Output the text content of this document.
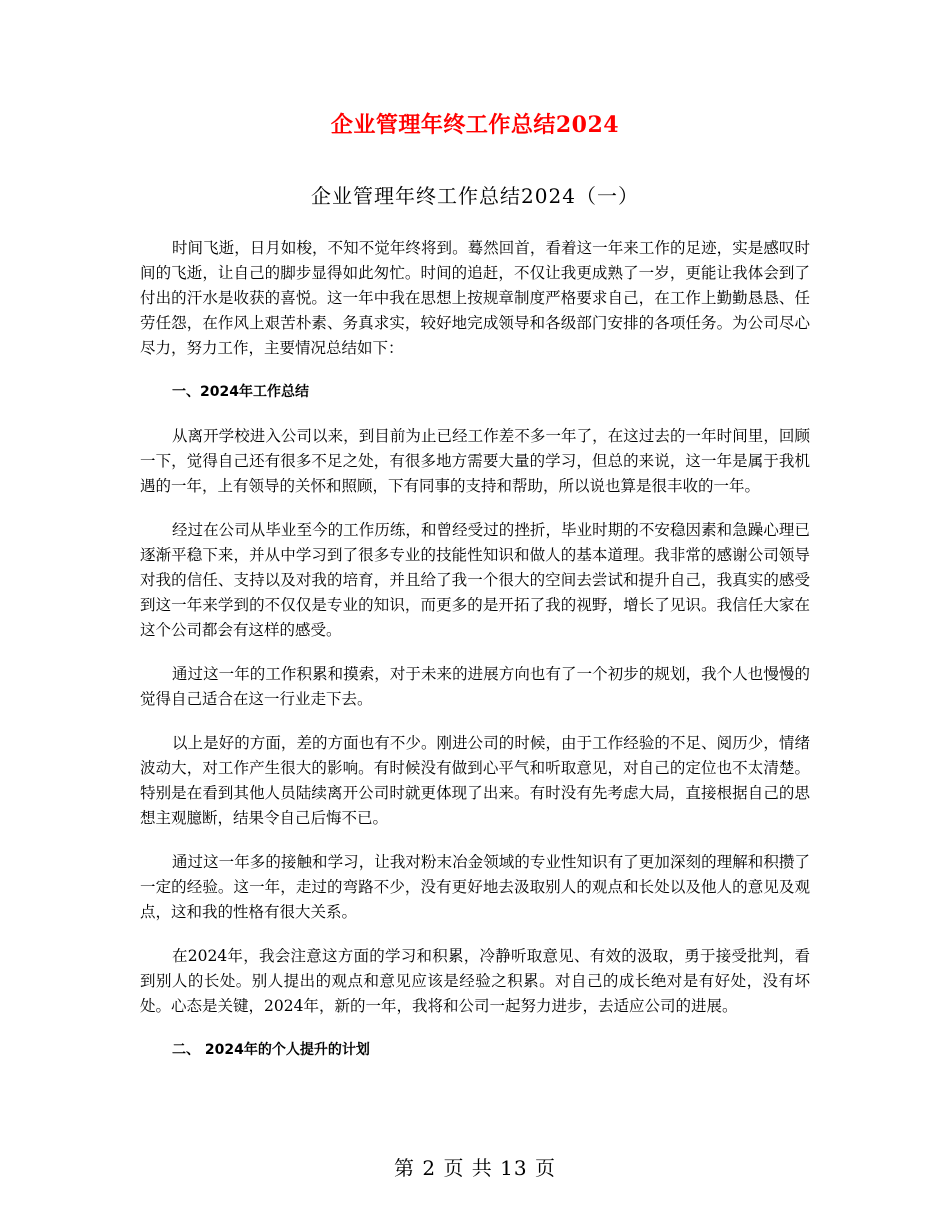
企业管理年终工作总结2024
企业管理年终工作总结2024（一）

时间飞逝，日月如梭，不知不觉年终将到。蓦然回首，看着这一年来工作的足迹，实是感叹时间的飞逝，让自己的脚步显得如此匆忙。时间的追赶，不仅让我更成熟了一岁，更能让我体会到了付出的汗水是收获的喜悦。这一年中我在思想上按规章制度严格要求自己，在工作上勤勤恳恳、任劳任怨，在作风上艰苦朴素、务真求实，较好地完成领导和各级部门安排的各项任务。为公司尽心尽力，努力工作，主要情况总结如下：

一、2024年工作总结

从离开学校进入公司以来，到目前为止已经工作差不多一年了，在这过去的一年时间里，回顾一下，觉得自己还有很多不足之处，有很多地方需要大量的学习，但总的来说，这一年是属于我机遇的一年，上有领导的关怀和照顾，下有同事的支持和帮助，所以说也算是很丰收的一年。

经过在公司从毕业至今的工作历练，和曾经受过的挫折，毕业时期的不安稳因素和急躁心理已逐渐平稳下来，并从中学习到了很多专业的技能性知识和做人的基本道理。我非常的感谢公司领导对我的信任、支持以及对我的培育，并且给了我一个很大的空间去尝试和提升自己，我真实的感受到这一年来学到的不仅仅是专业的知识，而更多的是开拓了我的视野，增长了见识。我信任大家在这个公司都会有这样的感受。

通过这一年的工作积累和摸索，对于未来的进展方向也有了一个初步的规划，我个人也慢慢的觉得自己适合在这一行业走下去。

以上是好的方面，差的方面也有不少。刚进公司的时候，由于工作经验的不足、阅历少，情绪波动大，对工作产生很大的影响。有时候没有做到心平气和听取意见，对自己的定位也不太清楚。特别是在看到其他人员陆续离开公司时就更体现了出来。有时没有先考虑大局，直接根据自己的思想主观臆断，结果令自己后悔不已。

通过这一年多的接触和学习，让我对粉末冶金领域的专业性知识有了更加深刻的理解和积攒了一定的经验。这一年，走过的弯路不少，没有更好地去汲取别人的观点和长处以及他人的意见及观点，这和我的性格有很大关系。

在2024年，我会注意这方面的学习和积累，冷静听取意见、有效的汲取，勇于接受批判，看到别人的长处。别人提出的观点和意见应该是经验之积累。对自己的成长绝对是有好处，没有坏处。心态是关键，2024年，新的一年，我将和公司一起努力进步，去适应公司的进展。

二、 2024年的个人提升的计划
第 2 页 共 13 页
